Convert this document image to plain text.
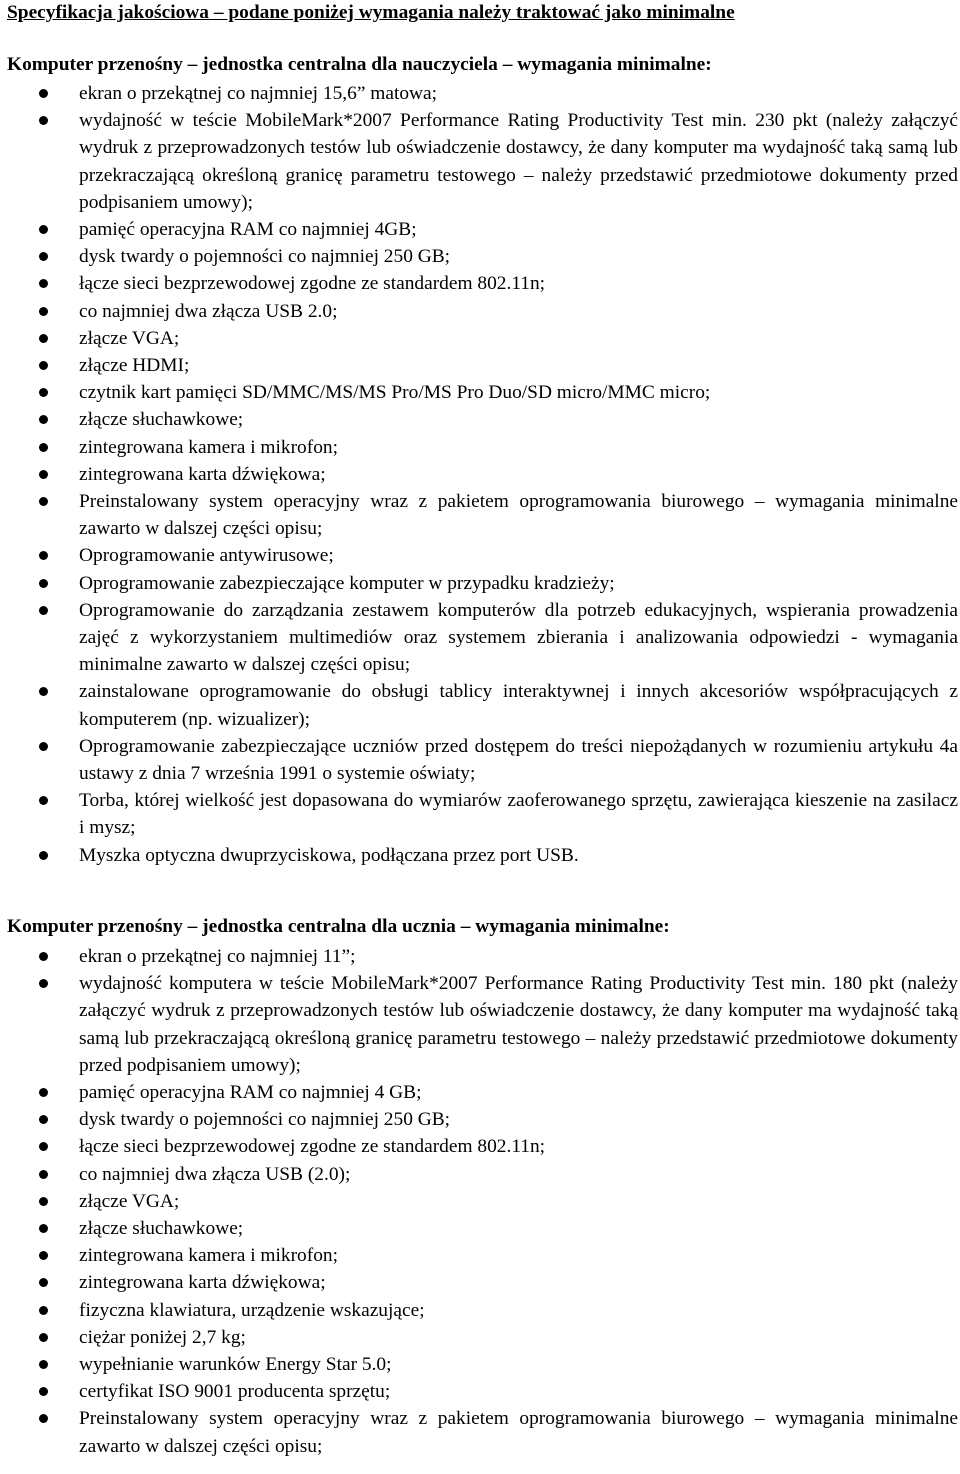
Specyfikacja jakościowa – podane poniżej wymagania należy traktować jako minimalne
Komputer przenośny – jednostka centralna dla nauczyciela – wymagania minimalne:
ekran o przekątnej co najmniej 15,6” matowa;
wydajność w teście MobileMark*2007 Performance Rating Productivity Test min. 230 pkt (należy załączyć wydruk z przeprowadzonych testów lub oświadczenie dostawcy, że dany komputer ma wydajność taką samą lub przekraczającą określoną granicę parametru testowego – należy przedstawić przedmiotowe dokumenty przed podpisaniem umowy);
pamięć operacyjna RAM co najmniej 4GB;
dysk twardy o pojemności co najmniej 250 GB;
łącze sieci bezprzewodowej zgodne ze standardem 802.11n;
co najmniej dwa złącza USB 2.0;
złącze VGA;
złącze HDMI;
czytnik kart pamięci SD/MMC/MS/MS Pro/MS Pro Duo/SD micro/MMC micro;
złącze słuchawkowe;
zintegrowana kamera i mikrofon;
zintegrowana karta dźwiękowa;
Preinstalowany system operacyjny wraz z pakietem oprogramowania biurowego – wymagania minimalne zawarto w dalszej części opisu;
Oprogramowanie antywirusowe;
Oprogramowanie zabezpieczające komputer w przypadku kradzieży;
Oprogramowanie do zarządzania zestawem komputerów dla potrzeb edukacyjnych, wspierania prowadzenia zajęć z wykorzystaniem multimediów oraz systemem zbierania i analizowania odpowiedzi - wymagania minimalne zawarto w dalszej części opisu;
zainstalowane oprogramowanie do obsługi tablicy interaktywnej i innych akcesoriów współpracujących z komputerem (np. wizualizer);
Oprogramowanie zabezpieczające uczniów przed dostępem do treści niepożądanych w rozumieniu artykułu 4a ustawy z dnia 7 września 1991 o systemie oświaty;
Torba, której wielkość jest dopasowana do wymiarów zaoferowanego sprzętu, zawierająca kieszenie na zasilacz i mysz;
Myszka optyczna dwuprzyciskowa, podłączana przez port USB.
Komputer przenośny – jednostka centralna dla ucznia – wymagania minimalne:
ekran o przekątnej co najmniej 11”;
wydajność komputera w teście MobileMark*2007 Performance Rating Productivity Test min. 180 pkt (należy załączyć wydruk z przeprowadzonych testów lub oświadczenie dostawcy, że dany komputer ma wydajność taką samą lub przekraczającą określoną granicę parametru testowego – należy przedstawić przedmiotowe dokumenty przed podpisaniem umowy);
pamięć operacyjna RAM co najmniej 4 GB;
dysk twardy o pojemności co najmniej 250 GB;
łącze sieci bezprzewodowej zgodne ze standardem 802.11n;
co najmniej dwa złącza USB (2.0);
złącze VGA;
złącze słuchawkowe;
zintegrowana kamera i mikrofon;
zintegrowana karta dźwiękowa;
fizyczna klawiatura, urządzenie wskazujące;
ciężar poniżej 2,7 kg;
wypełnianie warunków Energy Star 5.0;
certyfikat ISO 9001 producenta sprzętu;
Preinstalowany system operacyjny wraz z pakietem oprogramowania biurowego – wymagania minimalne zawarto w dalszej części opisu;
